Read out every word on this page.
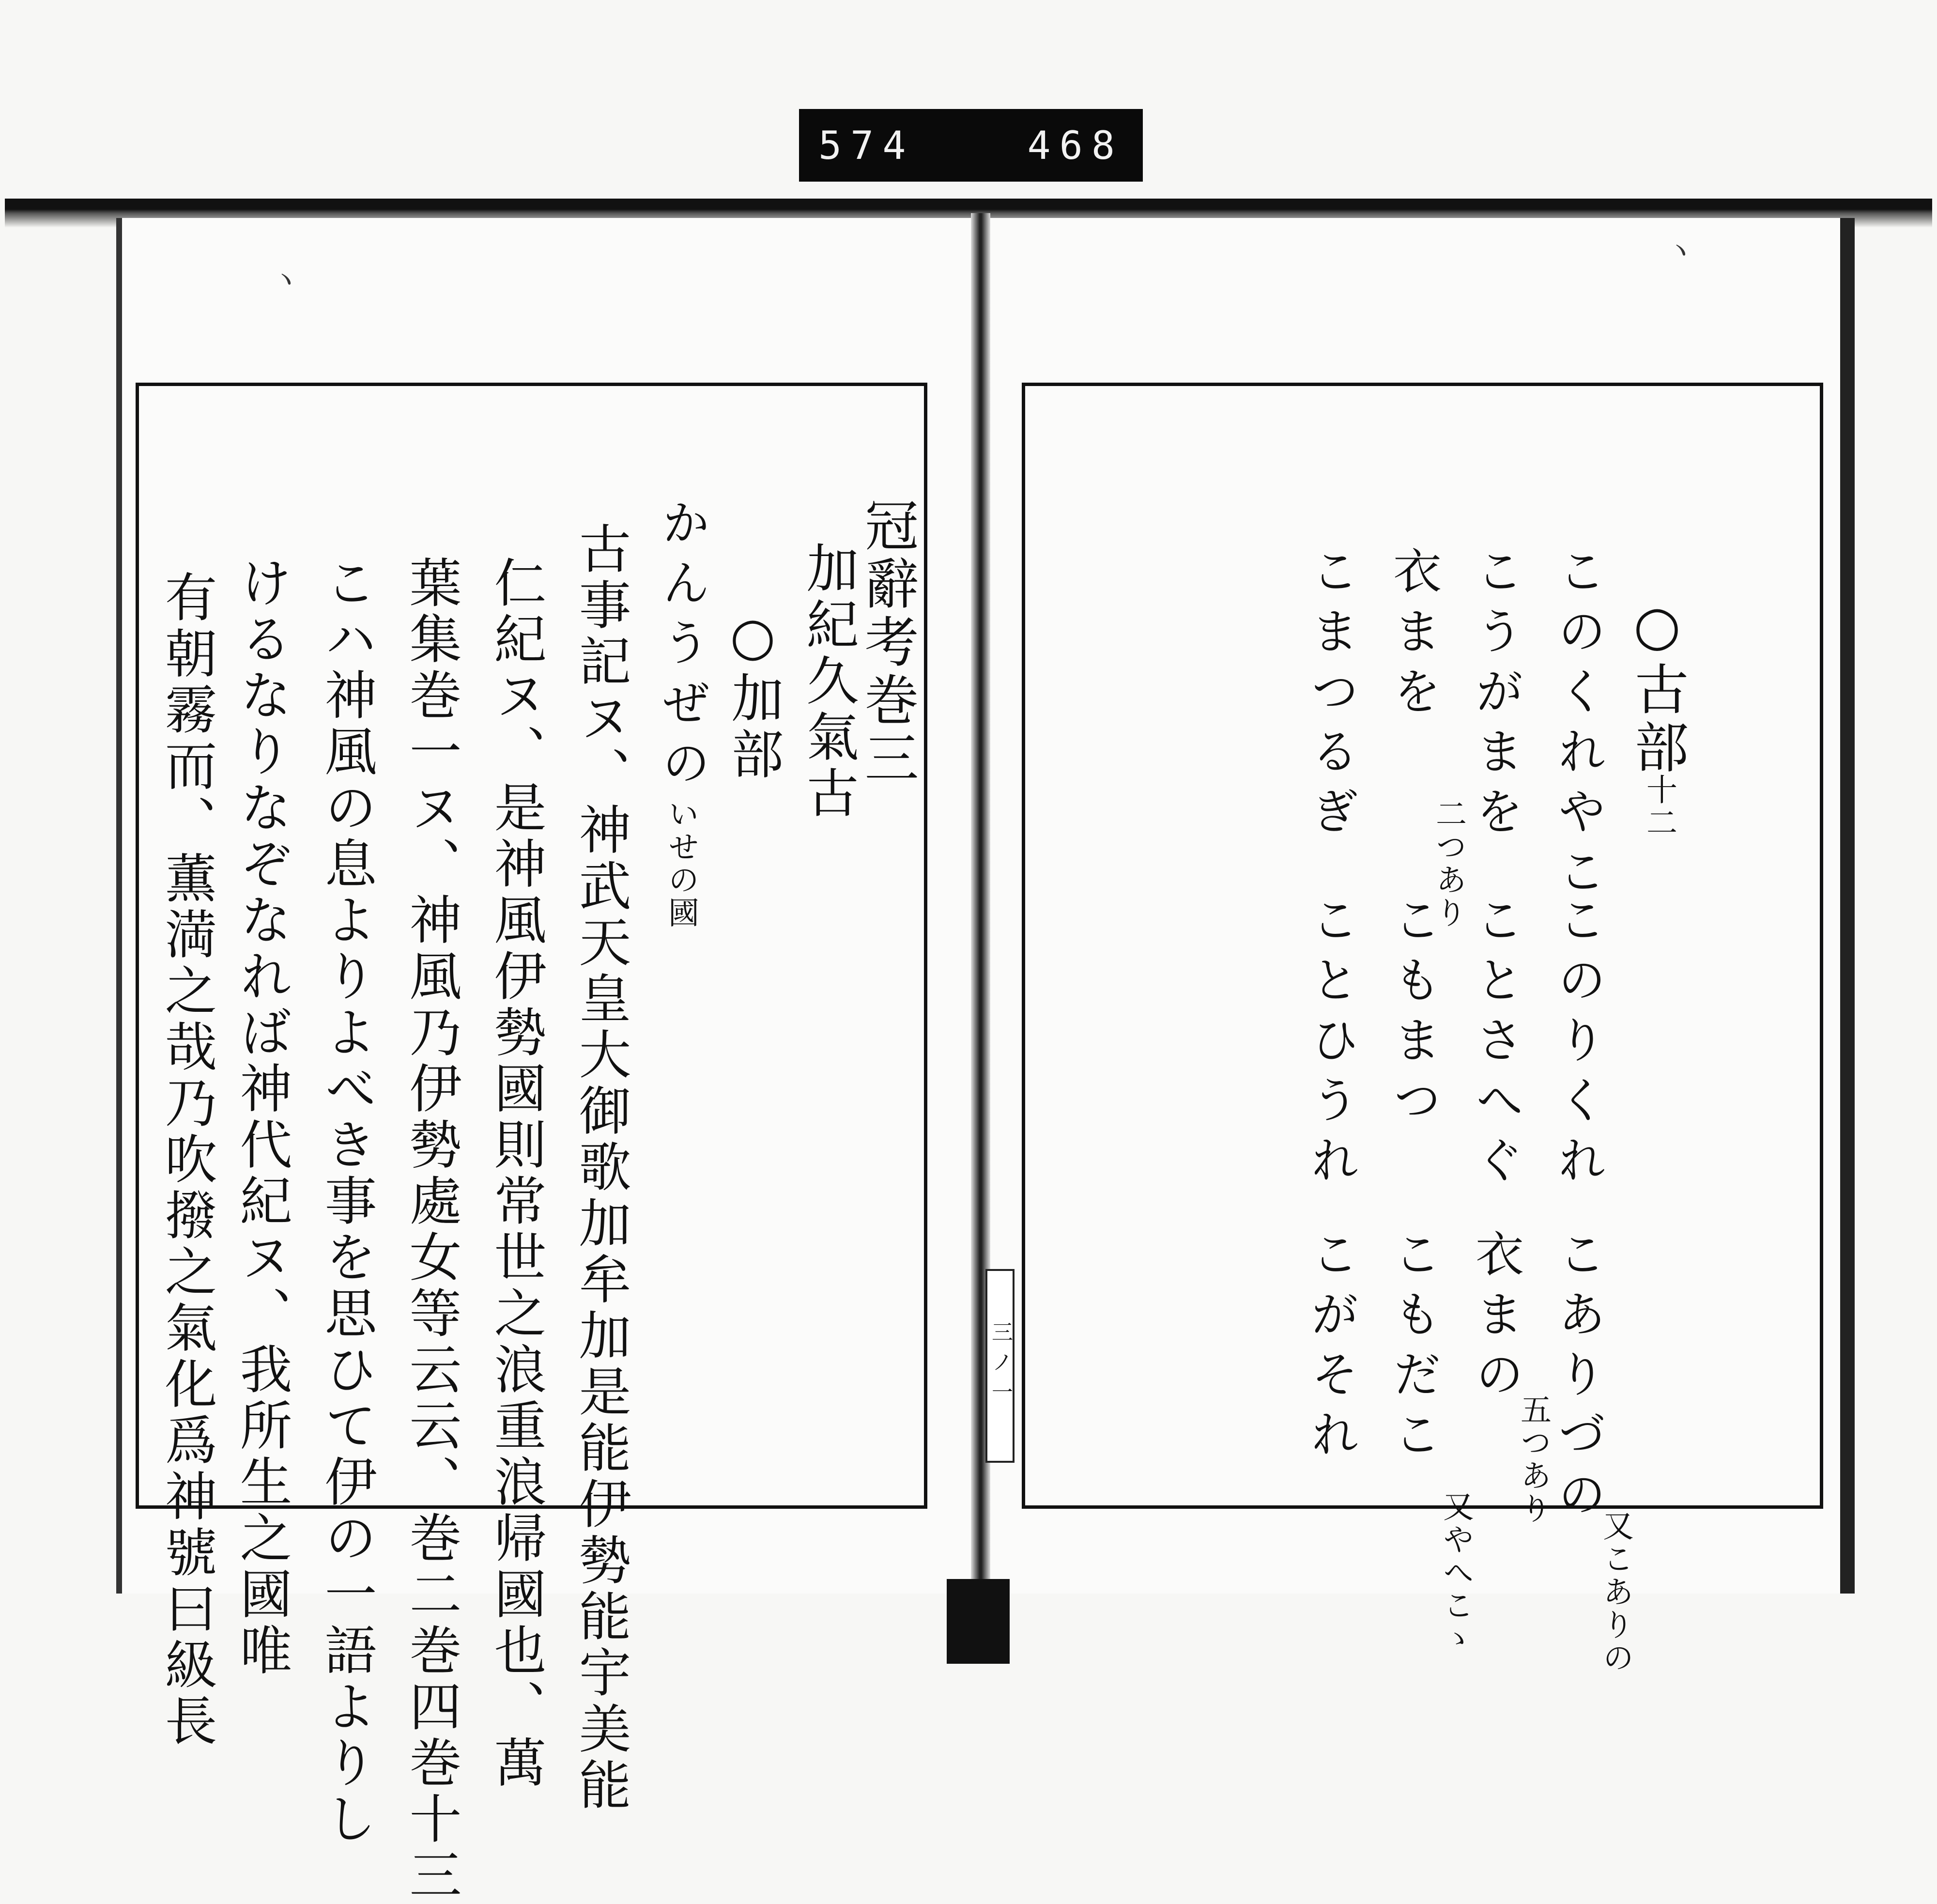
574	468
ヽ
ヽ
冠辭考巻三
加紀久氣古
○加部
かんうぜの
いせの國
古事記ヌ、神武天皇大御歌加牟加是能伊勢能宇美能
仁紀ヌ、是神風伊勢國則常世之浪重浪帰國也、萬
葉集巻一ヌ、神風乃伊勢處女等云云、巻二巻四巻十三
こハ神風の息よりよべき事を思ひて伊の一語よりし
けるなりなぞなれば神代紀ヌ、我所生之國唯
有朝霧而、薫満之哉乃吹撥之氣化爲神號曰級長	三ノ一
○古部
十二
このくれやこ
このりくれ
こありづの
又こありの
こうがまを
ことさへぐ
衣まの
五つあり
衣まを
二つあり
こもまつ
こもだこ
又やへこゝ
こまつるぎ
ことひうれ
こがそれ
